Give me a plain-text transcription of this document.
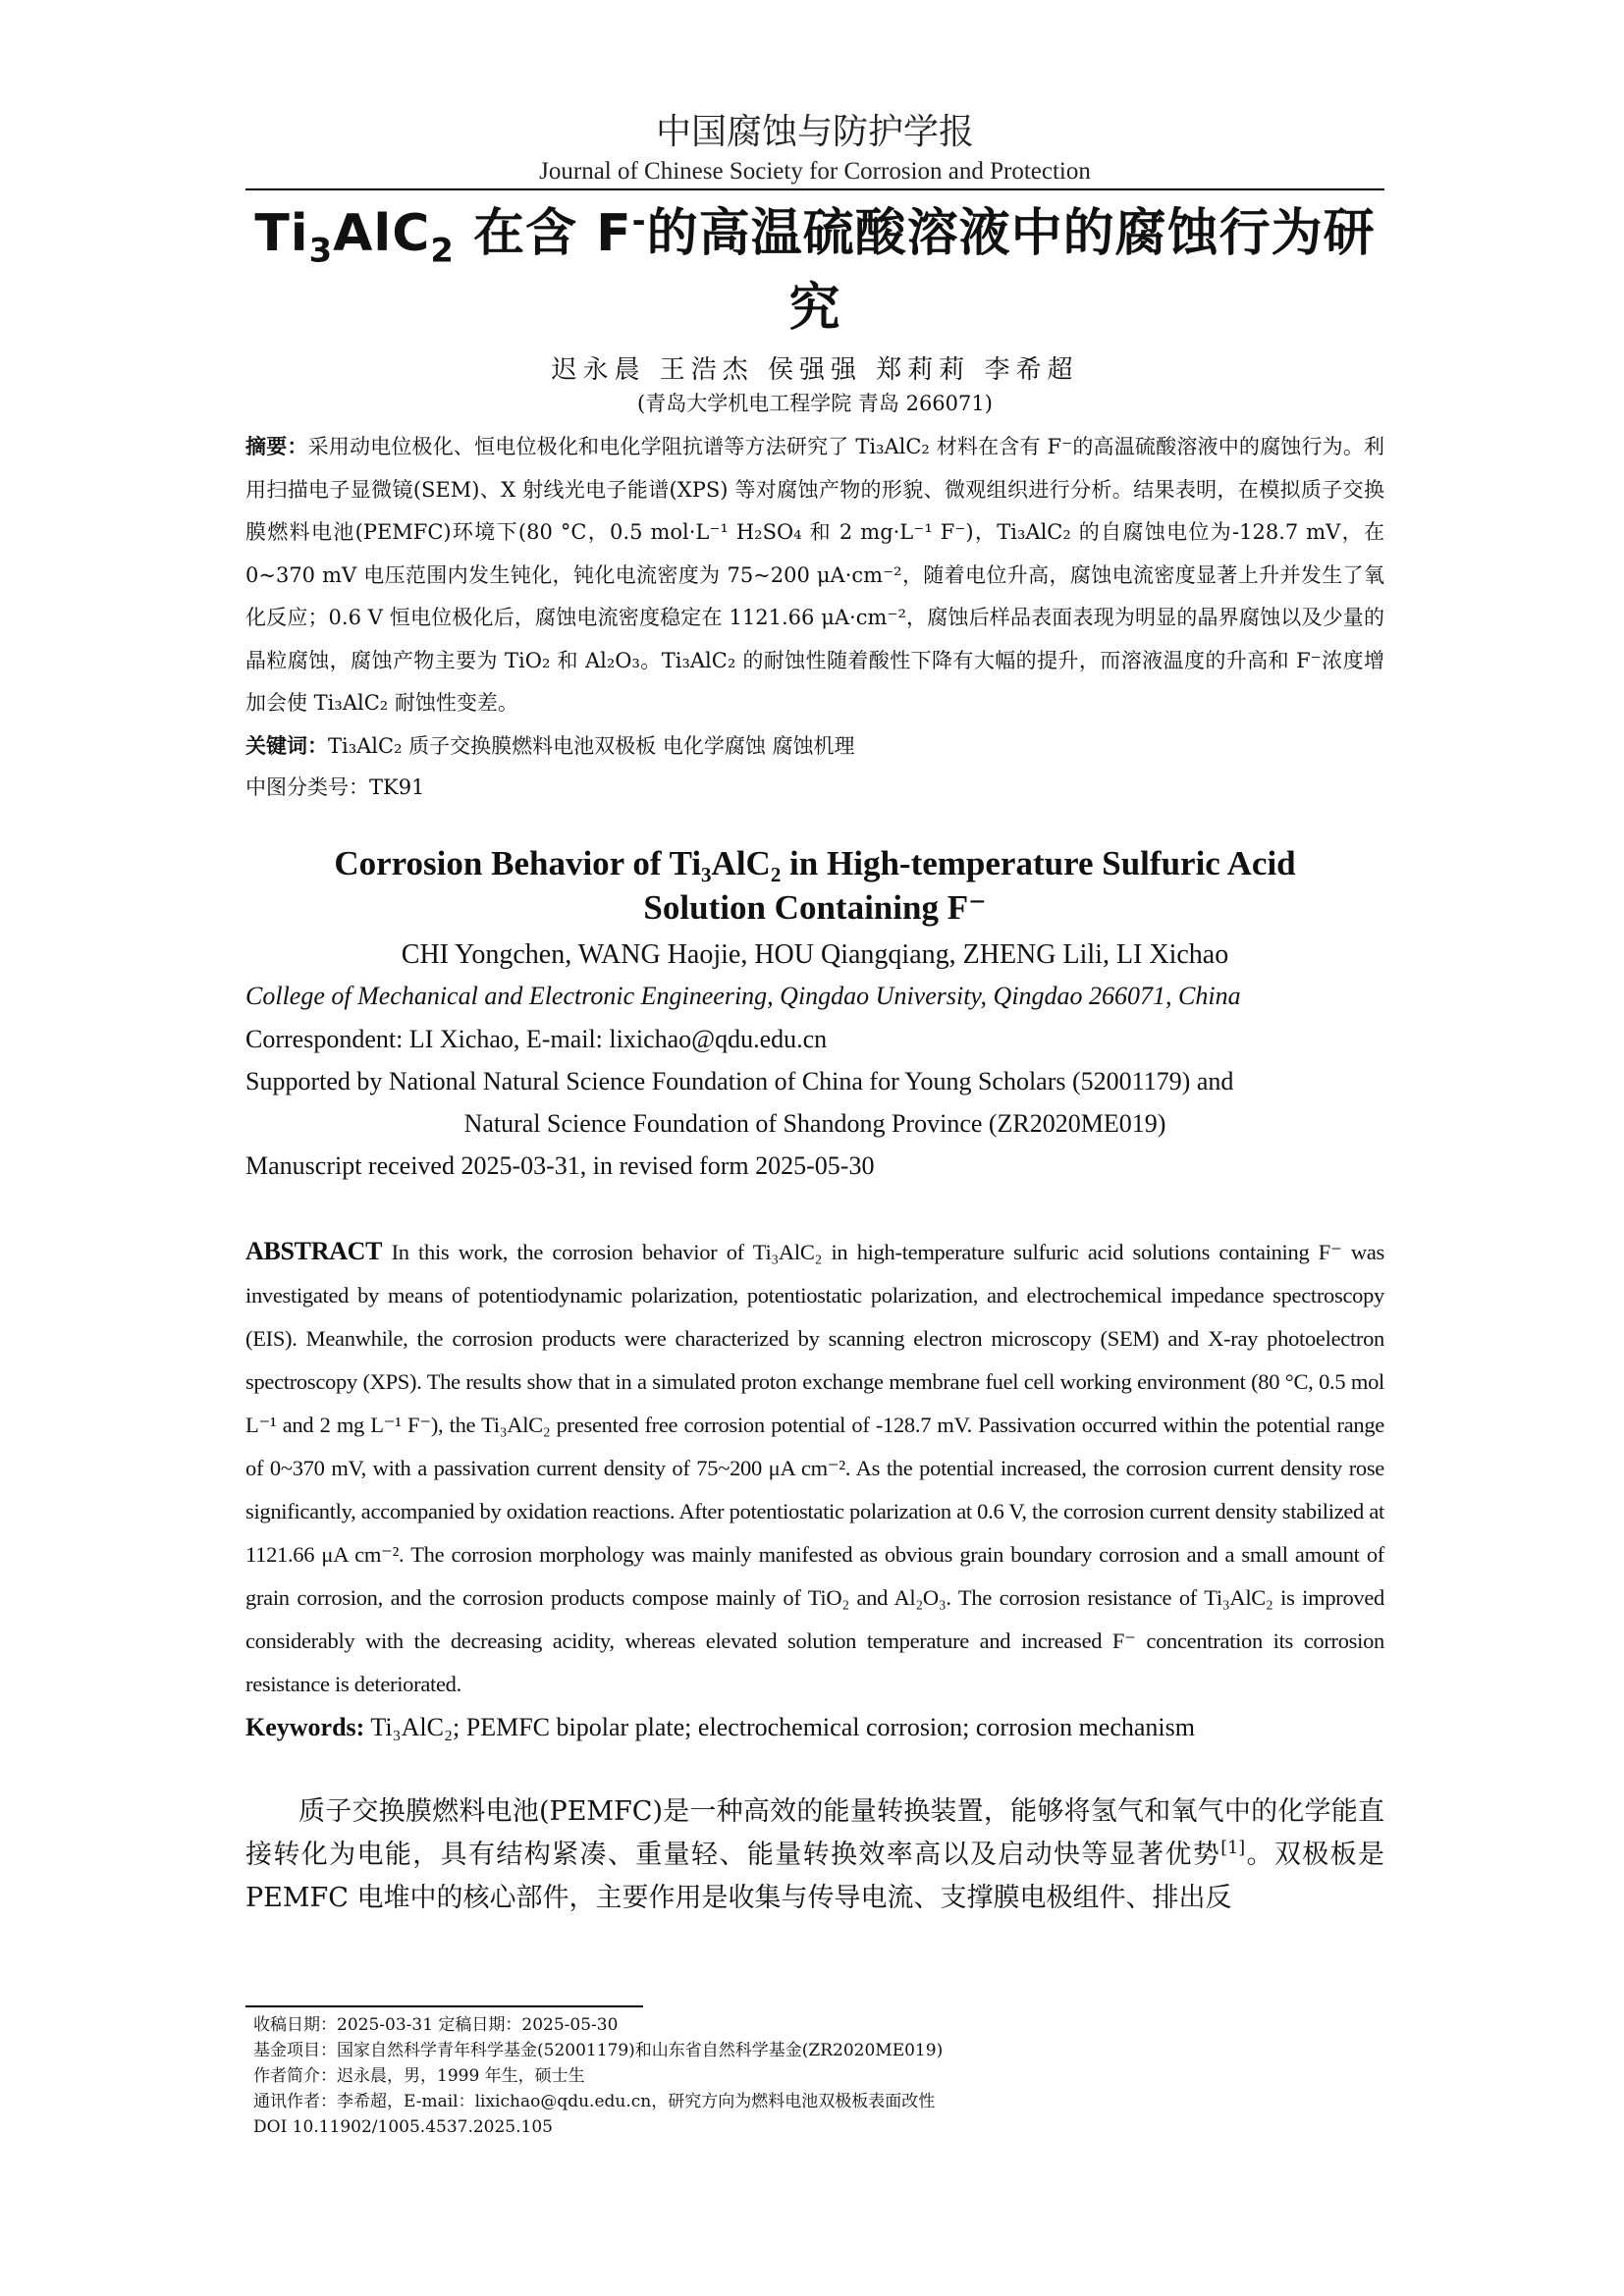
中国腐蚀与防护学报
Journal of Chinese Society for Corrosion and Protection
$Ti_3AlC_2$ 在含 F-的高温硫酸溶液中的腐蚀行为研究
迟永晨 王浩杰 侯强强 郑莉莉 李希超
(青岛大学机电工程学院 青岛 266071)
摘要：采用动电位极化、恒电位极化和电化学阻抗谱等方法研究了 Ti₃AlC₂ 材料在含有 F⁻的高温硫酸溶液中的腐蚀行为。利用扫描电子显微镜(SEM)、X 射线光电子能谱(XPS) 等对腐蚀产物的形貌、微观组织进行分析。结果表明，在模拟质子交换膜燃料电池(PEMFC)环境下(80 °C，0.5 mol·L⁻¹ H₂SO₄ 和 2 mg·L⁻¹ F⁻)，Ti₃AlC₂ 的自腐蚀电位为-128.7 mV，在 0~370 mV 电压范围内发生钝化，钝化电流密度为 75~200 μA·cm⁻²，随着电位升高，腐蚀电流密度显著上升并发生了氧化反应；0.6 V 恒电位极化后，腐蚀电流密度稳定在 1121.66 μA·cm⁻²，腐蚀后样品表面表现为明显的晶界腐蚀以及少量的晶粒腐蚀，腐蚀产物主要为 TiO₂ 和 Al₂O₃。Ti₃AlC₂ 的耐蚀性随着酸性下降有大幅的提升，而溶液温度的升高和 F⁻浓度增加会使 Ti₃AlC₂ 耐蚀性变差。
关键词：Ti₃AlC₂ 质子交换膜燃料电池双极板 电化学腐蚀 腐蚀机理
中图分类号：TK91
Corrosion Behavior of Ti₃AlC₂ in High-temperature Sulfuric Acid
Solution Containing F⁻
CHI Yongchen, WANG Haojie, HOU Qiangqiang, ZHENG Lili, LI Xichao
College of Mechanical and Electronic Engineering, Qingdao University, Qingdao 266071, China
Correspondent: LI Xichao, E-mail: lixichao@qdu.edu.cn
Supported by National Natural Science Foundation of China for Young Scholars (52001179) and
Natural Science Foundation of Shandong Province (ZR2020ME019)
Manuscript received 2025-03-31, in revised form 2025-05-30
ABSTRACT In this work, the corrosion behavior of Ti₃AlC₂ in high-temperature sulfuric acid solutions containing F⁻ was investigated by means of potentiodynamic polarization, potentiostatic polarization, and electrochemical impedance spectroscopy (EIS). Meanwhile, the corrosion products were characterized by scanning electron microscopy (SEM) and X-ray photoelectron spectroscopy (XPS). The results show that in a simulated proton exchange membrane fuel cell working environment (80 °C, 0.5 mol L⁻¹ and 2 mg L⁻¹ F⁻), the Ti₃AlC₂ presented free corrosion potential of -128.7 mV. Passivation occurred within the potential range of 0~370 mV, with a passivation current density of 75~200 μA cm⁻². As the potential increased, the corrosion current density rose significantly, accompanied by oxidation reactions. After potentiostatic polarization at 0.6 V, the corrosion current density stabilized at 1121.66 μA cm⁻². The corrosion morphology was mainly manifested as obvious grain boundary corrosion and a small amount of grain corrosion, and the corrosion products compose mainly of TiO₂ and Al₂O₃. The corrosion resistance of Ti₃AlC₂ is improved considerably with the decreasing acidity, whereas elevated solution temperature and increased F⁻ concentration its corrosion resistance is deteriorated.
Keywords: Ti₃AlC₂; PEMFC bipolar plate; electrochemical corrosion; corrosion mechanism
质子交换膜燃料电池(PEMFC)是一种高效的能量转换装置，能够将氢气和氧气中的化学能直接转化为电能，具有结构紧凑、重量轻、能量转换效率高以及启动快等显著优势[1]。双极板是 PEMFC 电堆中的核心部件，主要作用是收集与传导电流、支撑膜电极组件、排出反
收稿日期：2025-03-31 定稿日期：2025-05-30
基金项目：国家自然科学青年科学基金(52001179)和山东省自然科学基金(ZR2020ME019)
作者简介：迟永晨，男，1999 年生，硕士生
通讯作者：李希超，E-mail：lixichao@qdu.edu.cn，研究方向为燃料电池双极板表面改性
DOI 10.11902/1005.4537.2025.105
